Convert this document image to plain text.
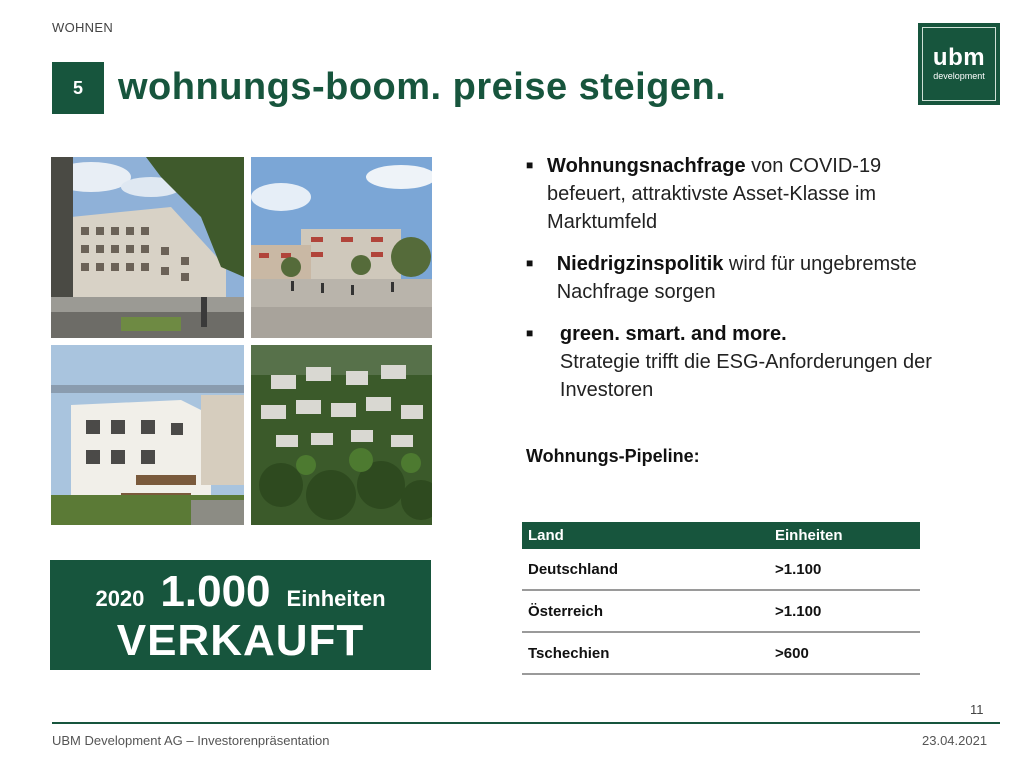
WOHNEN
5 wohnungs-boom. preise steigen.
ubm
development
■ Wohnungsnachfrage von COVID-19 befeuert, attraktivste Asset-Klasse im Marktumfeld
■	Niedrigzinspolitik wird für ungebremste Nachfrage sorgen
■	green. smart. and more.
Strategie trifft die ESG-Anforderungen der Investoren
Wohnungs-Pipeline:
Land	Einheiten
Deutschland	>1.100
Österreich	>1.100
Tschechien	>600
2020 1.000 Einheiten
VERKAUFT
11
UBM Development AG – Investorenpräsentation	23.04.2021
